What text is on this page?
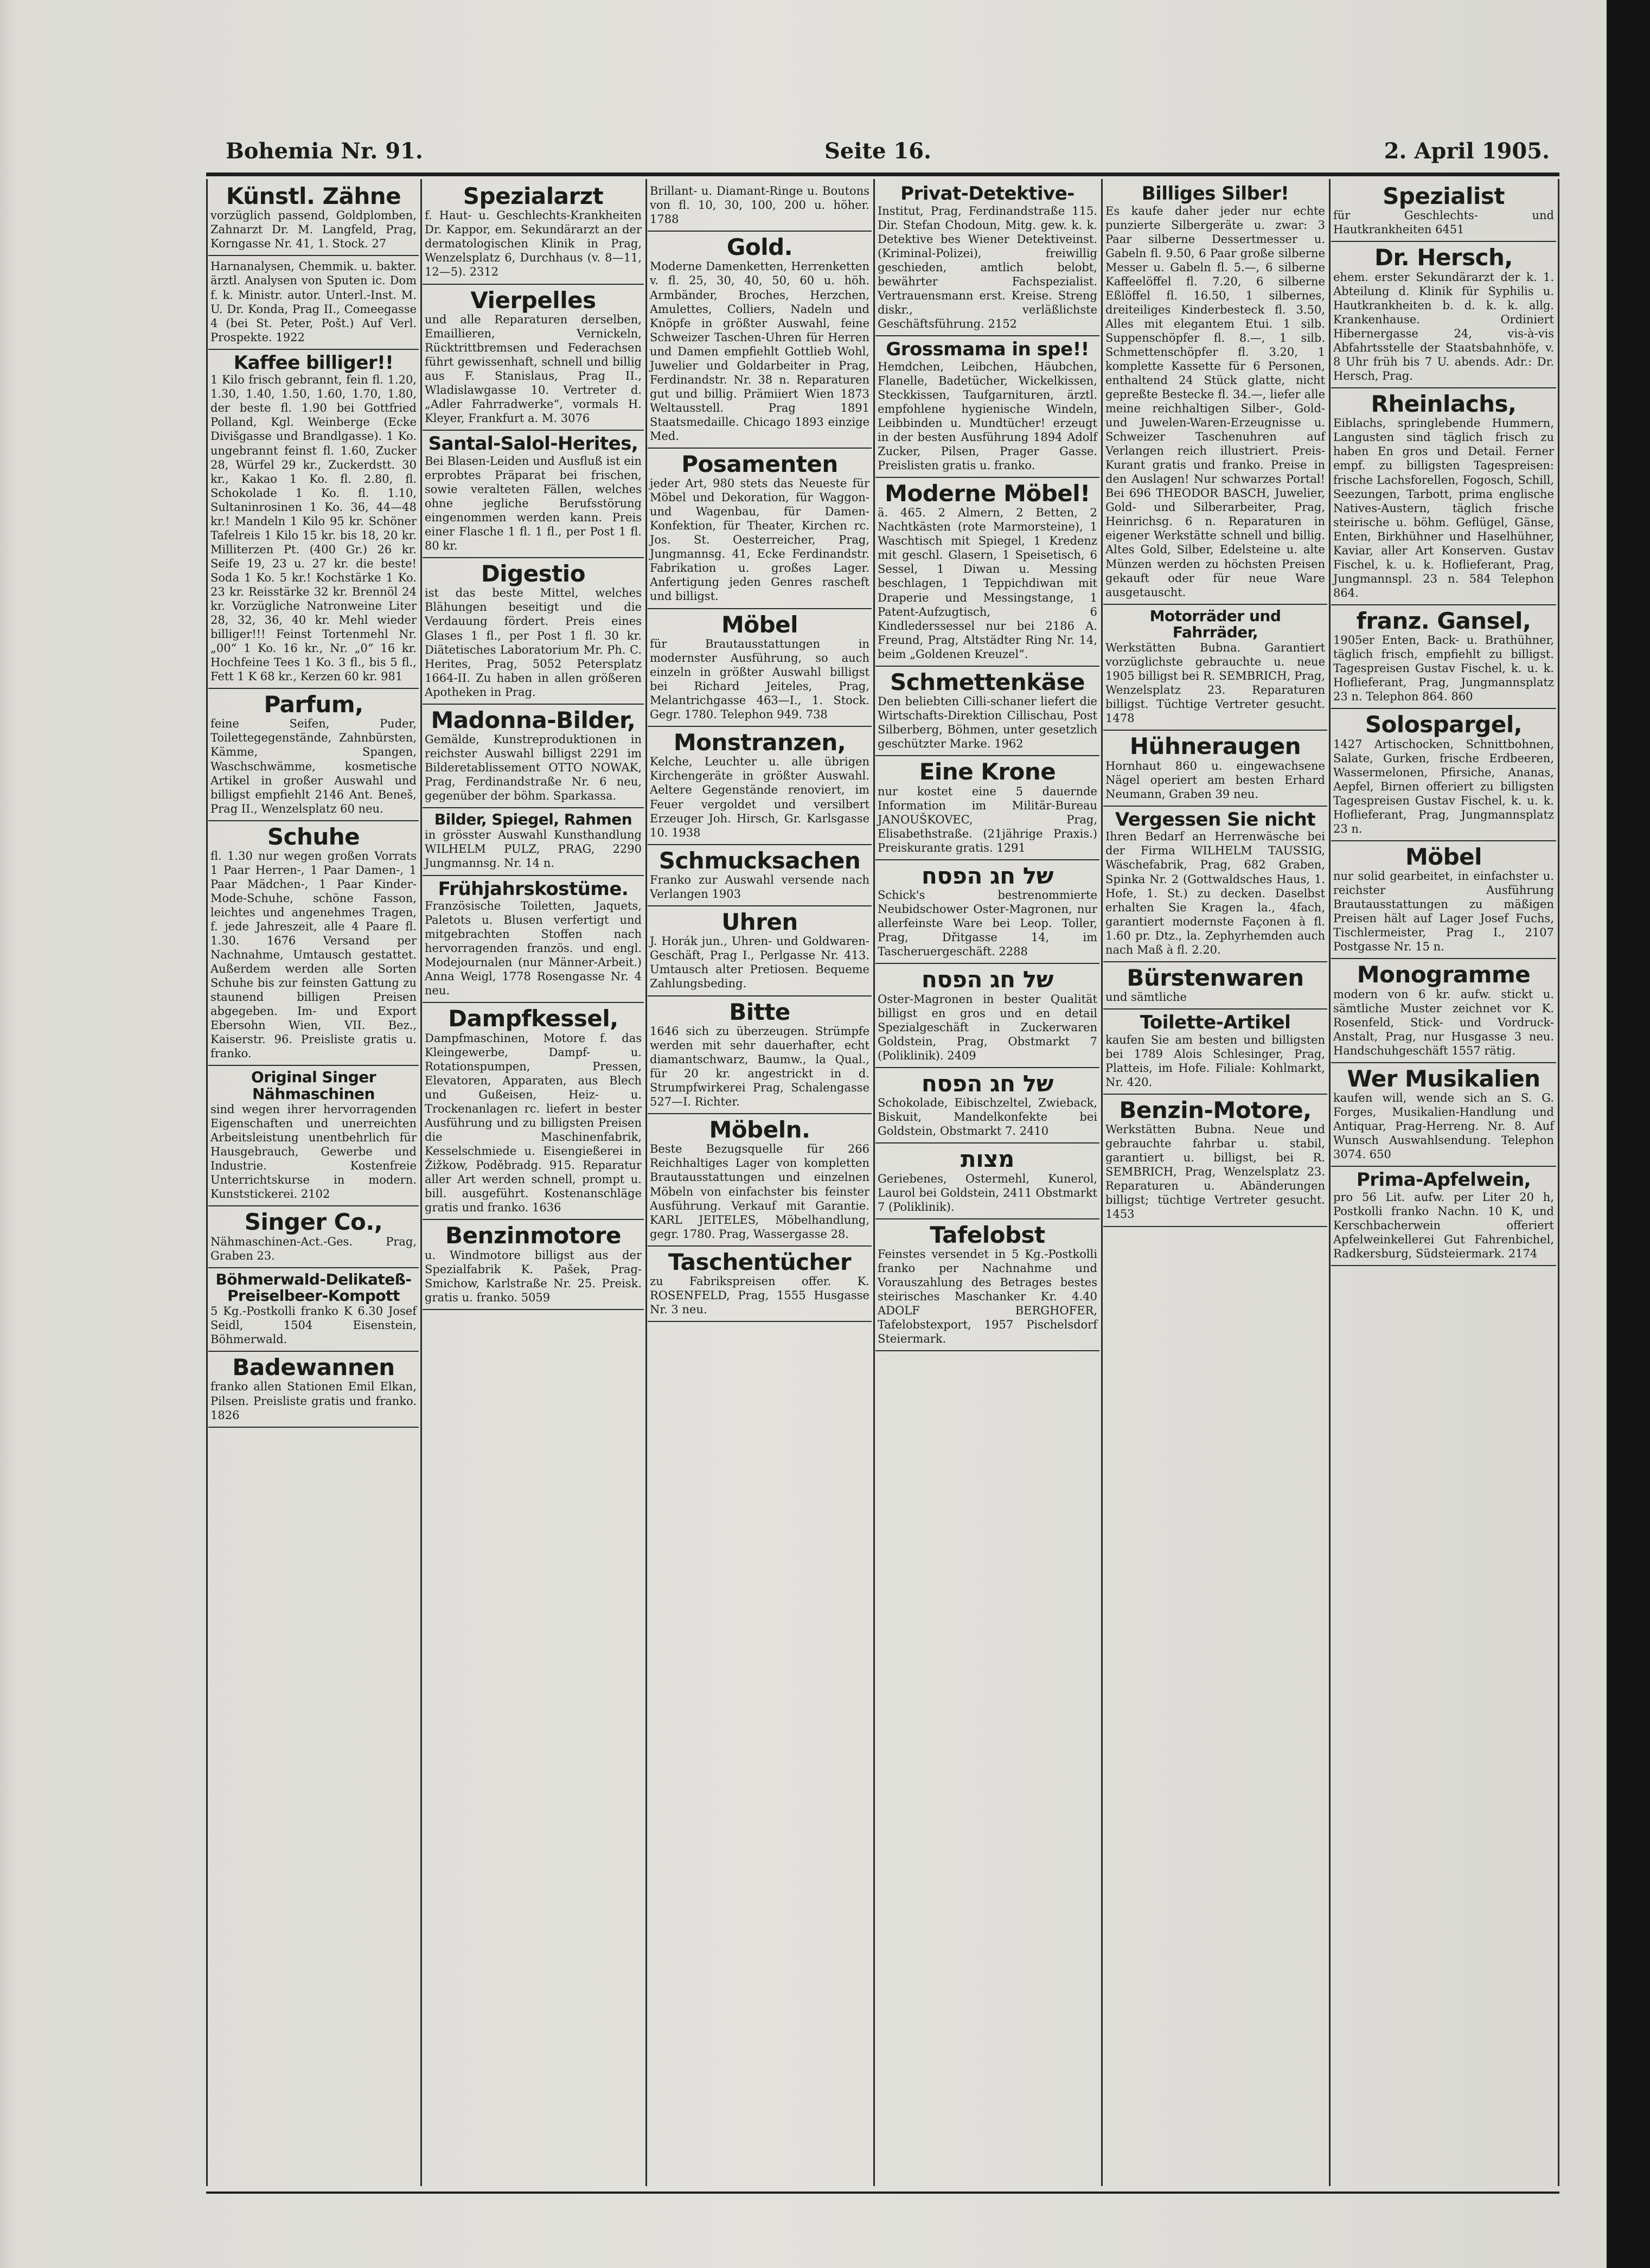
Bohemia Nr. 91.	Seite 16.	2. April 1905.
Künstl. Zähne
vorzüglich passend, Goldplomben, Zahnarzt Dr. M. Langfeld, Prag, Korngasse Nr. 41, 1. Stock. 27
Harnanalysen, Chemmik. u. bakter. ärztl. Analysen von Sputen ic. Dom f. k. Ministr. autor. Unterl.-Inst. M. U. Dr. Konda, Prag II., Comeegasse 4 (bei St. Peter, Pošt.) Auf Verl. Prospekte. 1922
Kaffee billiger!!
1 Kilo frisch gebrannt, fein fl. 1.20, 1.30, 1.40, 1.50, 1.60, 1.70, 1.80, der beste fl. 1.90 bei Gottfried Polland, Kgl. Weinberge (Ecke Divišgasse und Brandlgasse). 1 Ko. ungebrannt feinst fl. 1.60, Zucker 28, Würfel 29 kr., Zuckerdstt. 30 kr., Kakao 1 Ko. fl. 2.80, fl. Schokolade 1 Ko. fl. 1.10, Sultaninrosinen 1 Ko. 36, 44—48 kr.! Mandeln 1 Kilo 95 kr. Schöner Tafelreis 1 Kilo 15 kr. bis 18, 20 kr. Milliterzen Pt. (400 Gr.) 26 kr. Seife 19, 23 u. 27 kr. die beste! Soda 1 Ko. 5 kr.! Kochstärke 1 Ko. 23 kr. Reisstärke 32 kr. Brennöl 24 kr. Vorzügliche Natronweine Liter 28, 32, 36, 40 kr. Mehl wieder billiger!!! Feinst Tortenmehl Nr. „00“ 1 Ko. 16 kr., Nr. „0“ 16 kr. Hochfeine Tees 1 Ko. 3 fl., bis 5 fl., Fett 1 K 68 kr., Kerzen 60 kr. 981
Parfum,
feine Seifen, Puder, Toilettegegenstände, Zahnbürsten, Kämme, Spangen, Waschschwämme, kosmetische Artikel in großer Auswahl und billigst empfiehlt 2146 Ant. Beneš, Prag II., Wenzelsplatz 60 neu.
Schuhe
fl. 1.30 nur wegen großen Vorrats 1 Paar Herren-, 1 Paar Damen-, 1 Paar Mädchen-, 1 Paar Kinder-Mode-Schuhe, schöne Fasson, leichtes und angenehmes Tragen, f. jede Jahreszeit, alle 4 Paare fl. 1.30. 1676 Versand per Nachnahme, Umtausch gestattet. Außerdem werden alle Sorten Schuhe bis zur feinsten Gattung zu staunend billigen Preisen abgegeben. Im- und Export Ebersohn Wien, VII. Bez., Kaiserstr. 96. Preisliste gratis u. franko.
Original Singer Nähmaschinen
sind wegen ihrer hervorragenden Eigenschaften und unerreichten Arbeitsleistung unentbehrlich für Hausgebrauch, Gewerbe und Industrie. Kostenfreie Unterrichtskurse in modern. Kunststickerei. 2102
Singer Co.,
Nähmaschinen-Act.-Ges. Prag, Graben 23.
Böhmerwald-Delikateß-Preiselbeer-Kompott
5 Kg.-Postkolli franko K 6.30 Josef Seidl, 1504 Eisenstein, Böhmerwald.
Badewannen
franko allen Stationen Emil Elkan, Pilsen. Preisliste gratis und franko. 1826
Spezialarzt
f. Haut- u. Geschlechts-Krankheiten Dr. Kappor, em. Sekundärarzt an der dermatologischen Klinik in Prag, Wenzelsplatz 6, Durchhaus (v. 8—11, 12—5). 2312
Vierpelles
und alle Reparaturen derselben, Emaillieren, Vernickeln, Rücktrittbremsen und Federachsen führt gewissenhaft, schnell und billig aus F. Stanislaus, Prag II., Wladislawgasse 10. Vertreter d. „Adler Fahrradwerke“, vormals H. Kleyer, Frankfurt a. M. 3076
Santal-Salol-Herites,
Bei Blasen-Leiden und Ausfluß ist ein erprobtes Präparat bei frischen, sowie veralteten Fällen, welches ohne jegliche Berufsstörung eingenommen werden kann. Preis einer Flasche 1 fl. 1 fl., per Post 1 fl. 80 kr.
Digestio
ist das beste Mittel, welches Blähungen beseitigt und die Verdauung fördert. Preis eines Glases 1 fl., per Post 1 fl. 30 kr. Diätetisches Laboratorium Mr. Ph. C. Herites, Prag, 5052 Petersplatz 1664-II. Zu haben in allen größeren Apotheken in Prag.
Madonna-Bilder,
Gemälde, Kunstreproduktionen in reichster Auswahl billigst 2291 im Bilderetablissement OTTO NOWAK, Prag, Ferdinandstraße Nr. 6 neu, gegenüber der böhm. Sparkassa.
Bilder, Spiegel, Rahmen
in grösster Auswahl Kunsthandlung WILHELM PULZ, PRAG, 2290 Jungmannsg. Nr. 14 n.
Frühjahrskostüme.
Französische Toiletten, Jaquets, Paletots u. Blusen verfertigt und mitgebrachten Stoffen nach hervorragenden französ. und engl. Modejournalen (nur Männer-Arbeit.) Anna Weigl, 1778 Rosengasse Nr. 4 neu.
Dampfkessel,
Dampfmaschinen, Motore f. das Kleingewerbe, Dampf- u. Rotationspumpen, Pressen, Elevatoren, Apparaten, aus Blech und Gußeisen, Heiz- u. Trockenanlagen rc. liefert in bester Ausführung und zu billigsten Preisen die Maschinenfabrik, Kesselschmiede u. Eisengießerei in Žižkow, Poděbradg. 915. Reparatur aller Art werden schnell, prompt u. bill. ausgeführt. Kostenanschläge gratis und franko. 1636
Benzinmotore
u. Windmotore billigst aus der Spezialfabrik K. Pašek, Prag-Smichow, Karlstraße Nr. 25. Preisk. gratis u. franko. 5059
Brillant- u. Diamant-Ringe u. Boutons von fl. 10, 30, 100, 200 u. höher. 1788
Gold.
Moderne Damenketten, Herrenketten v. fl. 25, 30, 40, 50, 60 u. höh. Armbänder, Broches, Herzchen, Amulettes, Colliers, Nadeln und Knöpfe in größter Auswahl, feine Schweizer Taschen-Uhren für Herren und Damen empfiehlt Gottlieb Wohl, Juwelier und Goldarbeiter in Prag, Ferdinandstr. Nr. 38 n. Reparaturen gut und billig. Prämiiert Wien 1873 Weltausstell. Prag 1891 Staatsmedaille. Chicago 1893 einzige Med.
Posamenten
jeder Art, 980 stets das Neueste für Möbel und Dekoration, für Waggon- und Wagenbau, für Damen-Konfektion, für Theater, Kirchen rc. Jos. St. Oesterreicher, Prag, Jungmannsg. 41, Ecke Ferdinandstr. Fabrikation u. großes Lager. Anfertigung jeden Genres rascheft und billigst.
Möbel
für Brautausstattungen in modernster Ausführung, so auch einzeln in größter Auswahl billigst bei Richard Jeiteles, Prag, Melantrichgasse 463—I., 1. Stock. Gegr. 1780. Telephon 949. 738
Monstranzen,
Kelche, Leuchter u. alle übrigen Kirchengeräte in größter Auswahl. Aeltere Gegenstände renoviert, im Feuer vergoldet und versilbert Erzeuger Joh. Hirsch, Gr. Karlsgasse 10. 1938
Schmucksachen
Franko zur Auswahl versende nach Verlangen 1903
Uhren
J. Horák jun., Uhren- und Goldwaren-Geschäft, Prag I., Perlgasse Nr. 413. Umtausch alter Pretiosen. Bequeme Zahlungsbeding.
Bitte
1646 sich zu überzeugen. Strümpfe werden mit sehr dauerhafter, echt diamantschwarz, Baumw., la Qual., für 20 kr. angestrickt in d. Strumpfwirkerei Prag, Schalengasse 527—I. Richter.
Möbeln.
Beste Bezugsquelle für 266 Reichhaltiges Lager von kompletten Brautausstattungen und einzelnen Möbeln von einfachster bis feinster Ausführung. Verkauf mit Garantie. KARL JEITELES, Möbelhandlung, gegr. 1780. Prag, Wassergasse 28.
Taschentücher
zu Fabrikspreisen offer. K. ROSENFELD, Prag, 1555 Husgasse Nr. 3 neu.
Privat-Detektive-
Institut, Prag, Ferdinandstraße 115. Dir. Stefan Chodoun, Mitg. gew. k. k. Detektive bes Wiener Detektiveinst. (Kriminal-Polizei), freiwillig geschieden, amtlich belobt, bewährter Fachspezialist. Vertrauensmann erst. Kreise. Streng diskr., verläßlichste Geschäftsführung. 2152
Grossmama in spe!!
Hemdchen, Leibchen, Häubchen, Flanelle, Badetücher, Wickelkissen, Steckkissen, Taufgarnituren, ärztl. empfohlene hygienische Windeln, Leibbinden u. Mundtücher! erzeugt in der besten Ausführung 1894 Adolf Zucker, Pilsen, Prager Gasse. Preislisten gratis u. franko.
Moderne Möbel!
ä. 465. 2 Almern, 2 Betten, 2 Nachtkästen (rote Marmorsteine), 1 Waschtisch mit Spiegel, 1 Kredenz mit geschl. Glasern, 1 Speisetisch, 6 Sessel, 1 Diwan u. Messing beschlagen, 1 Teppichdiwan mit Draperie und Messingstange, 1 Patent-Aufzugtisch, 6 Kindlederssessel nur bei 2186 A. Freund, Prag, Altstädter Ring Nr. 14, beim „Goldenen Kreuzel“.
Schmettenkäse
Den beliebten Cilli-schaner liefert die Wirtschafts-Direktion Cillischau, Post Silberberg, Böhmen, unter gesetzlich geschützter Marke. 1962
Eine Krone
nur kostet eine 5 dauernde Information im Militär-Bureau JANOUŠKOVEC, Prag, Elisabethstraße. (21jährige Praxis.) Preiskurante gratis. 1291
של חג הפסח
Schick's bestrenommierte Neubidschower Oster-Magronen, nur allerfeinste Ware bei Leop. Toller, Prag, Dřitgasse 14, im Tascheruergeschäft. 2288
של חג הפסח
Oster-Magronen in bester Qualität billigst en gros und en detail Spezialgeschäft in Zuckerwaren Goldstein, Prag, Obstmarkt 7 (Poliklinik). 2409
של חג הפסח
Schokolade, Eibischzeltel, Zwieback, Biskuit, Mandelkonfekte bei Goldstein, Obstmarkt 7. 2410
מצות
Geriebenes, Ostermehl, Kunerol, Laurol bei Goldstein, 2411 Obstmarkt 7 (Poliklinik).
Tafelobst
Feinstes versendet in 5 Kg.-Postkolli franko per Nachnahme und Vorauszahlung des Betrages bestes steirisches Maschanker Kr. 4.40 ADOLF BERGHOFER, Tafelobstexport, 1957 Pischelsdorf Steiermark.
Billiges Silber!
Es kaufe daher jeder nur echte punzierte Silbergeräte u. zwar: 3 Paar silberne Dessertmesser u. Gabeln fl. 9.50, 6 Paar große silberne Messer u. Gabeln fl. 5.—, 6 silberne Kaffeelöffel fl. 7.20, 6 silberne Eßlöffel fl. 16.50, 1 silbernes, dreiteiliges Kinderbesteck fl. 3.50, Alles mit elegantem Etui. 1 silb. Suppenschöpfer fl. 8.—, 1 silb. Schmettenschöpfer fl. 3.20, 1 komplette Kassette für 6 Personen, enthaltend 24 Stück glatte, nicht gepreßte Bestecke fl. 34.—, liefer alle meine reichhaltigen Silber-, Gold- und Juwelen-Waren-Erzeugnisse u. Schweizer Taschenuhren auf Verlangen reich illustriert. Preis-Kurant gratis und franko. Preise in den Auslagen! Nur schwarzes Portal! Bei 696 THEODOR BASCH, Juwelier, Gold- und Silberarbeiter, Prag, Heinrichsg. 6 n. Reparaturen in eigener Werkstätte schnell und billig. Altes Gold, Silber, Edelsteine u. alte Münzen werden zu höchsten Preisen gekauft oder für neue Ware ausgetauscht.
Motorräder und Fahrräder,
Werkstätten Bubna. Garantiert vorzüglichste gebrauchte u. neue 1905 billigst bei R. SEMBRICH, Prag, Wenzelsplatz 23. Reparaturen billigst. Tüchtige Vertreter gesucht. 1478
Hühneraugen
Hornhaut 860 u. eingewachsene Nägel operiert am besten Erhard Neumann, Graben 39 neu.
Vergessen Sie nicht
Ihren Bedarf an Herrenwäsche bei der Firma WILHELM TAUSSIG, Wäschefabrik, Prag, 682 Graben, Spinka Nr. 2 (Gottwaldsches Haus, 1. Hofe, 1. St.) zu decken. Daselbst erhalten Sie Kragen la., 4fach, garantiert modernste Façonen à fl. 1.60 pr. Dtz., la. Zephyrhemden auch nach Maß à fl. 2.20.
Bürstenwaren
und sämtliche
Toilette-Artikel
kaufen Sie am besten und billigsten bei 1789 Alois Schlesinger, Prag, Platteis, im Hofe. Filiale: Kohlmarkt, Nr. 420.
Benzin-Motore,
Werkstätten Bubna. Neue und gebrauchte fahrbar u. stabil, garantiert u. billigst, bei R. SEMBRICH, Prag, Wenzelsplatz 23. Reparaturen u. Abänderungen billigst; tüchtige Vertreter gesucht. 1453
Spezialist
für Geschlechts- und Hautkrankheiten 6451
Dr. Hersch,
ehem. erster Sekundärarzt der k. 1. Abteilung d. Klinik für Syphilis u. Hautkrankheiten b. d. k. k. allg. Krankenhause. Ordiniert Hibernergasse 24, vis-à-vis Abfahrtsstelle der Staatsbahnhöfe, v. 8 Uhr früh bis 7 U. abends. Adr.: Dr. Hersch, Prag.
Rheinlachs,
Eiblachs, springlebende Hummern, Langusten sind täglich frisch zu haben En gros und Detail. Ferner empf. zu billigsten Tagespreisen: frische Lachsforellen, Fogosch, Schill, Seezungen, Tarbott, prima englische Natives-Austern, täglich frische steirische u. böhm. Geflügel, Gänse, Enten, Birkhühner und Haselhühner, Kaviar, aller Art Konserven. Gustav Fischel, k. u. k. Hoflieferant, Prag, Jungmannspl. 23 n. 584 Telephon 864.
franz. Gansel,
1905er Enten, Back- u. Brathühner, täglich frisch, empfiehlt zu billigst. Tagespreisen Gustav Fischel, k. u. k. Hoflieferant, Prag, Jungmannsplatz 23 n. Telephon 864. 860
Solospargel,
1427 Artischocken, Schnittbohnen, Salate, Gurken, frische Erdbeeren, Wassermelonen, Pfirsiche, Ananas, Aepfel, Birnen offeriert zu billigsten Tagespreisen Gustav Fischel, k. u. k. Hoflieferant, Prag, Jungmannsplatz 23 n.
Möbel
nur solid gearbeitet, in einfachster u. reichster Ausführung Brautausstattungen zu mäßigen Preisen hält auf Lager Josef Fuchs, Tischlermeister, Prag I., 2107 Postgasse Nr. 15 n.
Monogramme
modern von 6 kr. aufw. stickt u. sämtliche Muster zeichnet vor K. Rosenfeld, Stick- und Vordruck-Anstalt, Prag, nur Husgasse 3 neu. Handschuhgeschäft 1557 rätig.
Wer Musikalien
kaufen will, wende sich an S. G. Forges, Musikalien-Handlung und Antiquar, Prag-Herreng. Nr. 8. Auf Wunsch Auswahlsendung. Telephon 3074. 650
Prima-Apfelwein,
pro 56 Lit. aufw. per Liter 20 h, Postkolli franko Nachn. 10 K, und Kerschbacherwein offeriert Apfelweinkellerei Gut Fahrenbichel, Radkersburg, Südsteiermark. 2174
